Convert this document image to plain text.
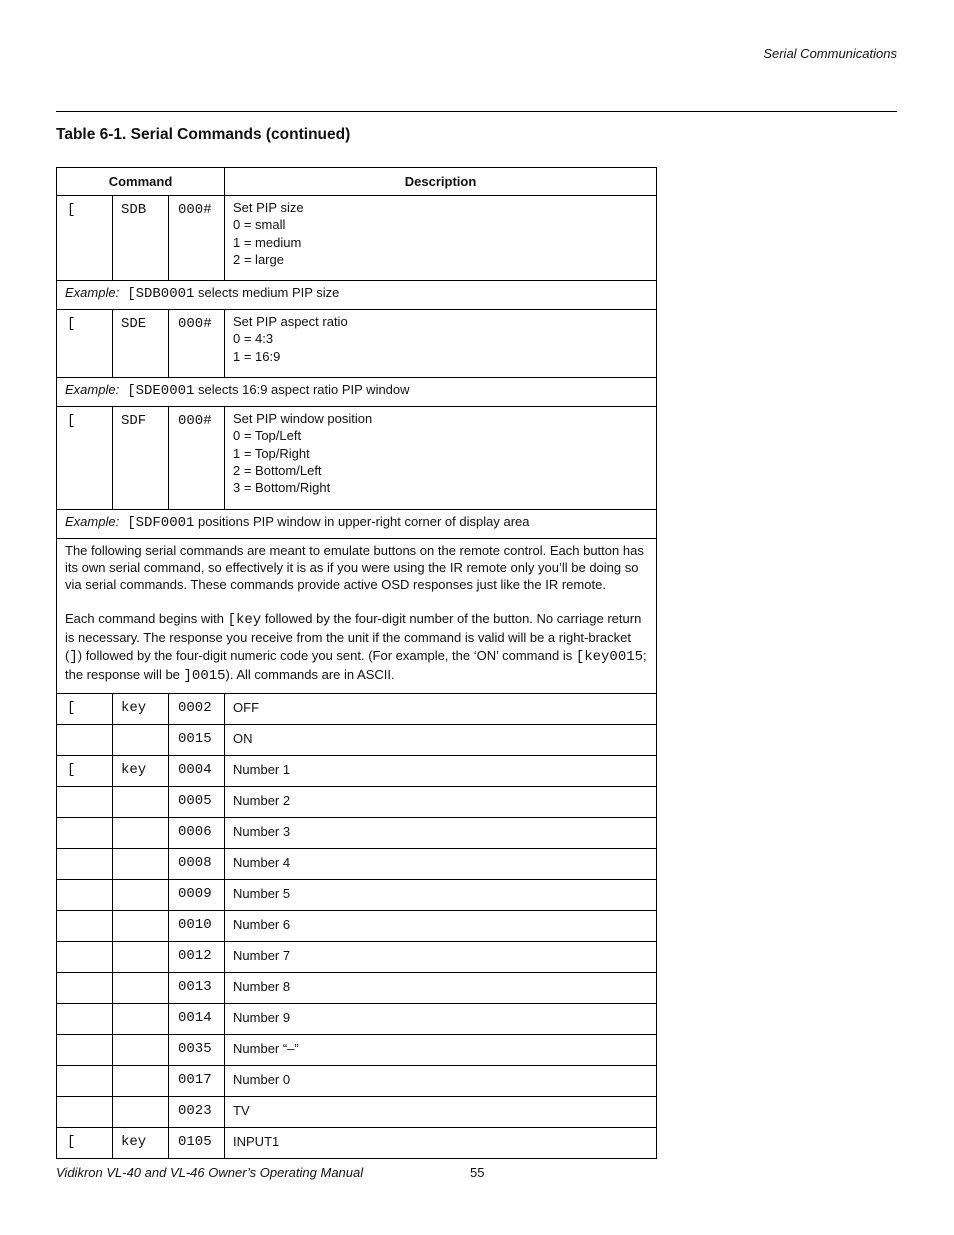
Serial Communications
Table 6-1. Serial Commands (continued)
Command			Description
[	SDB	000#	Set PIP size
0 = small
1 = medium
2 = large

Example: [SDB0001 selects medium PIP size			
[	SDE	000#	Set PIP aspect ratio
0 = 4:3
1 = 16:9

Example: [SDE0001 selects 16:9 aspect ratio PIP window			
[	SDF	000#	Set PIP window position
0 = Top/Left
1 = Top/Right
2 = Bottom/Left
3 = Bottom/Right

Example: [SDF0001 positions PIP window in upper-right corner of display area			

The following serial commands are meant to emulate buttons on the remote control. Each button has its own serial command, so effectively it is as if you were using the IR remote only you’ll be doing so via serial commands. These commands provide active OSD responses just like the IR remote.

Each command begins with [key followed by the four-digit number of the button. No carriage return is necessary. The response you receive from the unit if the command is valid will be a right-bracket (]) followed by the four-digit numeric code you sent. (For example, the ‘ON’ command is [key0015; the response will be ]0015). All commands are in ASCII.			

[	key	0002	OFF
		0015	ON
[	key	0004	Number 1
		0005	Number 2
		0006	Number 3
		0008	Number 4
		0009	Number 5
		0010	Number 6
		0012	Number 7
		0013	Number 8
		0014	Number 9
		0035	Number “–”
		0017	Number 0
		0023	TV
[	key	0105	INPUT1
Vidikron VL-40 and VL-46 Owner’s Operating Manual	55
